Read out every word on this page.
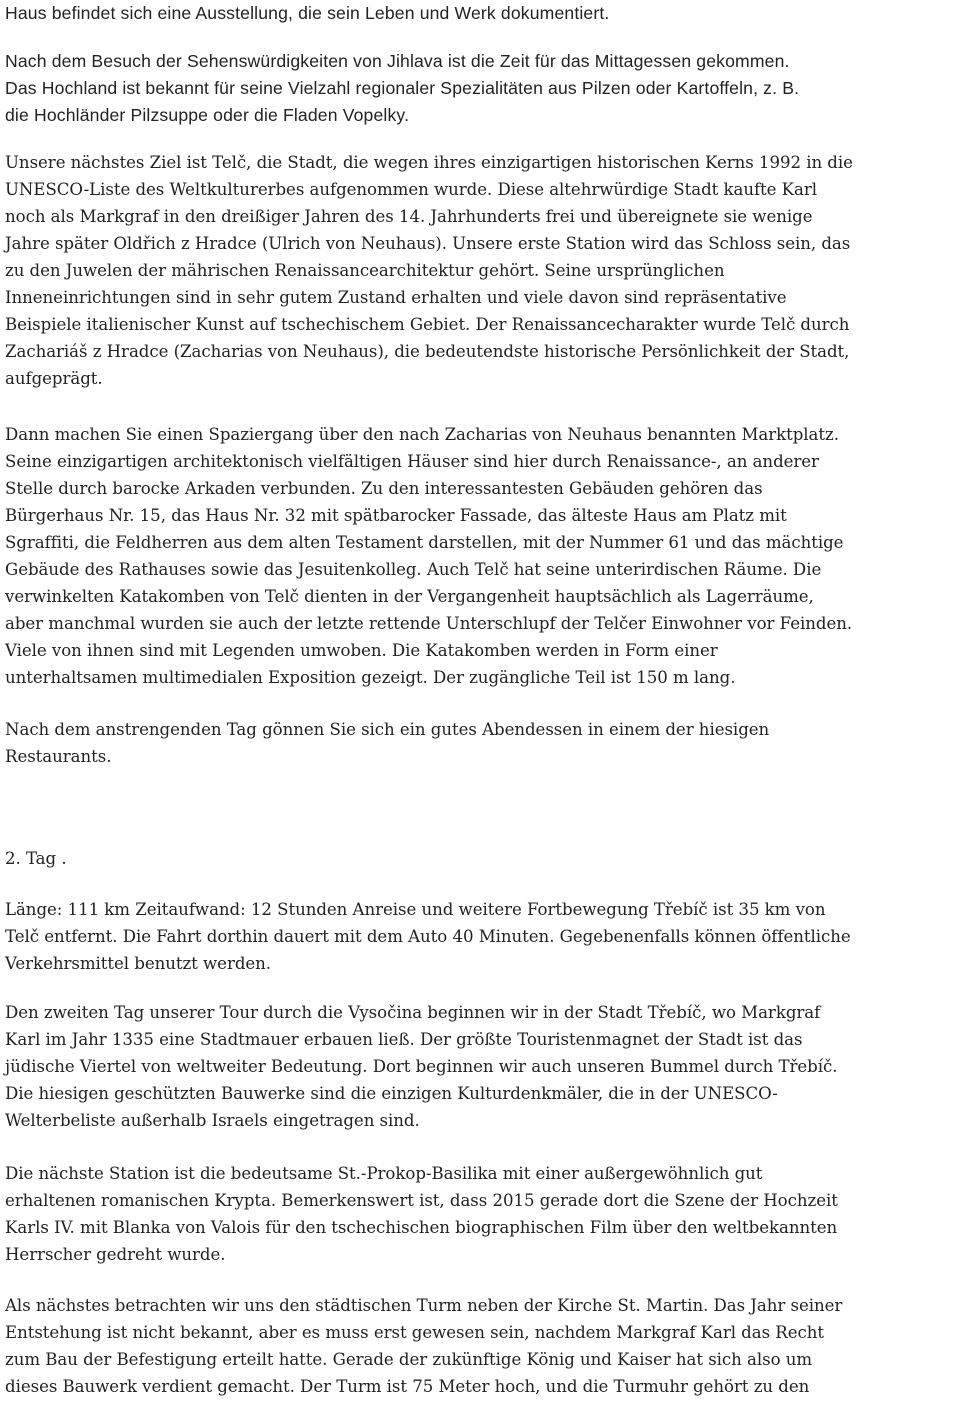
Haus befindet sich eine Ausstellung, die sein Leben und Werk dokumentiert.

Nach dem Besuch der Sehenswürdigkeiten von Jihlava ist die Zeit für das Mittagessen gekommen.
Das Hochland ist bekannt für seine Vielzahl regionaler Spezialitäten aus Pilzen oder Kartoffeln, z. B.
die Hochländer Pilzsuppe oder die Fladen Vopelky.

Unsere nächstes Ziel ist Telč, die Stadt, die wegen ihres einzigartigen historischen Kerns 1992 in die
UNESCO-Liste des Weltkulturerbes aufgenommen wurde. Diese altehrwürdige Stadt kaufte Karl
noch als Markgraf in den dreißiger Jahren des 14. Jahrhunderts frei und übereignete sie wenige
Jahre später Oldřich z Hradce (Ulrich von Neuhaus). Unsere erste Station wird das Schloss sein, das
zu den Juwelen der mährischen Renaissancearchitektur gehört. Seine ursprünglichen
Inneneinrichtungen sind in sehr gutem Zustand erhalten und viele davon sind repräsentative
Beispiele italienischer Kunst auf tschechischem Gebiet. Der Renaissancecharakter wurde Telč durch
Zachariáš z Hradce (Zacharias von Neuhaus), die bedeutendste historische Persönlichkeit der Stadt,
aufgeprägt.

Dann machen Sie einen Spaziergang über den nach Zacharias von Neuhaus benannten Marktplatz.
Seine einzigartigen architektonisch vielfältigen Häuser sind hier durch Renaissance-, an anderer
Stelle durch barocke Arkaden verbunden. Zu den interessantesten Gebäuden gehören das
Bürgerhaus Nr. 15, das Haus Nr. 32 mit spätbarocker Fassade, das älteste Haus am Platz mit
Sgraffiti, die Feldherren aus dem alten Testament darstellen, mit der Nummer 61 und das mächtige
Gebäude des Rathauses sowie das Jesuitenkolleg. Auch Telč hat seine unterirdischen Räume. Die
verwinkelten Katakomben von Telč dienten in der Vergangenheit hauptsächlich als Lagerräume,
aber manchmal wurden sie auch der letzte rettende Unterschlupf der Telčer Einwohner vor Feinden.
Viele von ihnen sind mit Legenden umwoben. Die Katakomben werden in Form einer
unterhaltsamen multimedialen Exposition gezeigt. Der zugängliche Teil ist 150 m lang.

Nach dem anstrengenden Tag gönnen Sie sich ein gutes Abendessen in einem der hiesigen
Restaurants.

2. Tag .

Länge: 111 km Zeitaufwand: 12 Stunden Anreise und weitere Fortbewegung Třebíč ist 35 km von
Telč entfernt. Die Fahrt dorthin dauert mit dem Auto 40 Minuten. Gegebenenfalls können öffentliche
Verkehrsmittel benutzt werden.

Den zweiten Tag unserer Tour durch die Vysočina beginnen wir in der Stadt Třebíč, wo Markgraf
Karl im Jahr 1335 eine Stadtmauer erbauen ließ. Der größte Touristenmagnet der Stadt ist das
jüdische Viertel von weltweiter Bedeutung. Dort beginnen wir auch unseren Bummel durch Třebíč.
Die hiesigen geschützten Bauwerke sind die einzigen Kulturdenkmäler, die in der UNESCO-
Welterbeliste außerhalb Israels eingetragen sind.

Die nächste Station ist die bedeutsame St.-Prokop-Basilika mit einer außergewöhnlich gut
erhaltenen romanischen Krypta. Bemerkenswert ist, dass 2015 gerade dort die Szene der Hochzeit
Karls IV. mit Blanka von Valois für den tschechischen biographischen Film über den weltbekannten
Herrscher gedreht wurde.

Als nächstes betrachten wir uns den städtischen Turm neben der Kirche St. Martin. Das Jahr seiner
Entstehung ist nicht bekannt, aber es muss erst gewesen sein, nachdem Markgraf Karl das Recht
zum Bau der Befestigung erteilt hatte. Gerade der zukünftige König und Kaiser hat sich also um
dieses Bauwerk verdient gemacht. Der Turm ist 75 Meter hoch, und die Turmuhr gehört zu den
